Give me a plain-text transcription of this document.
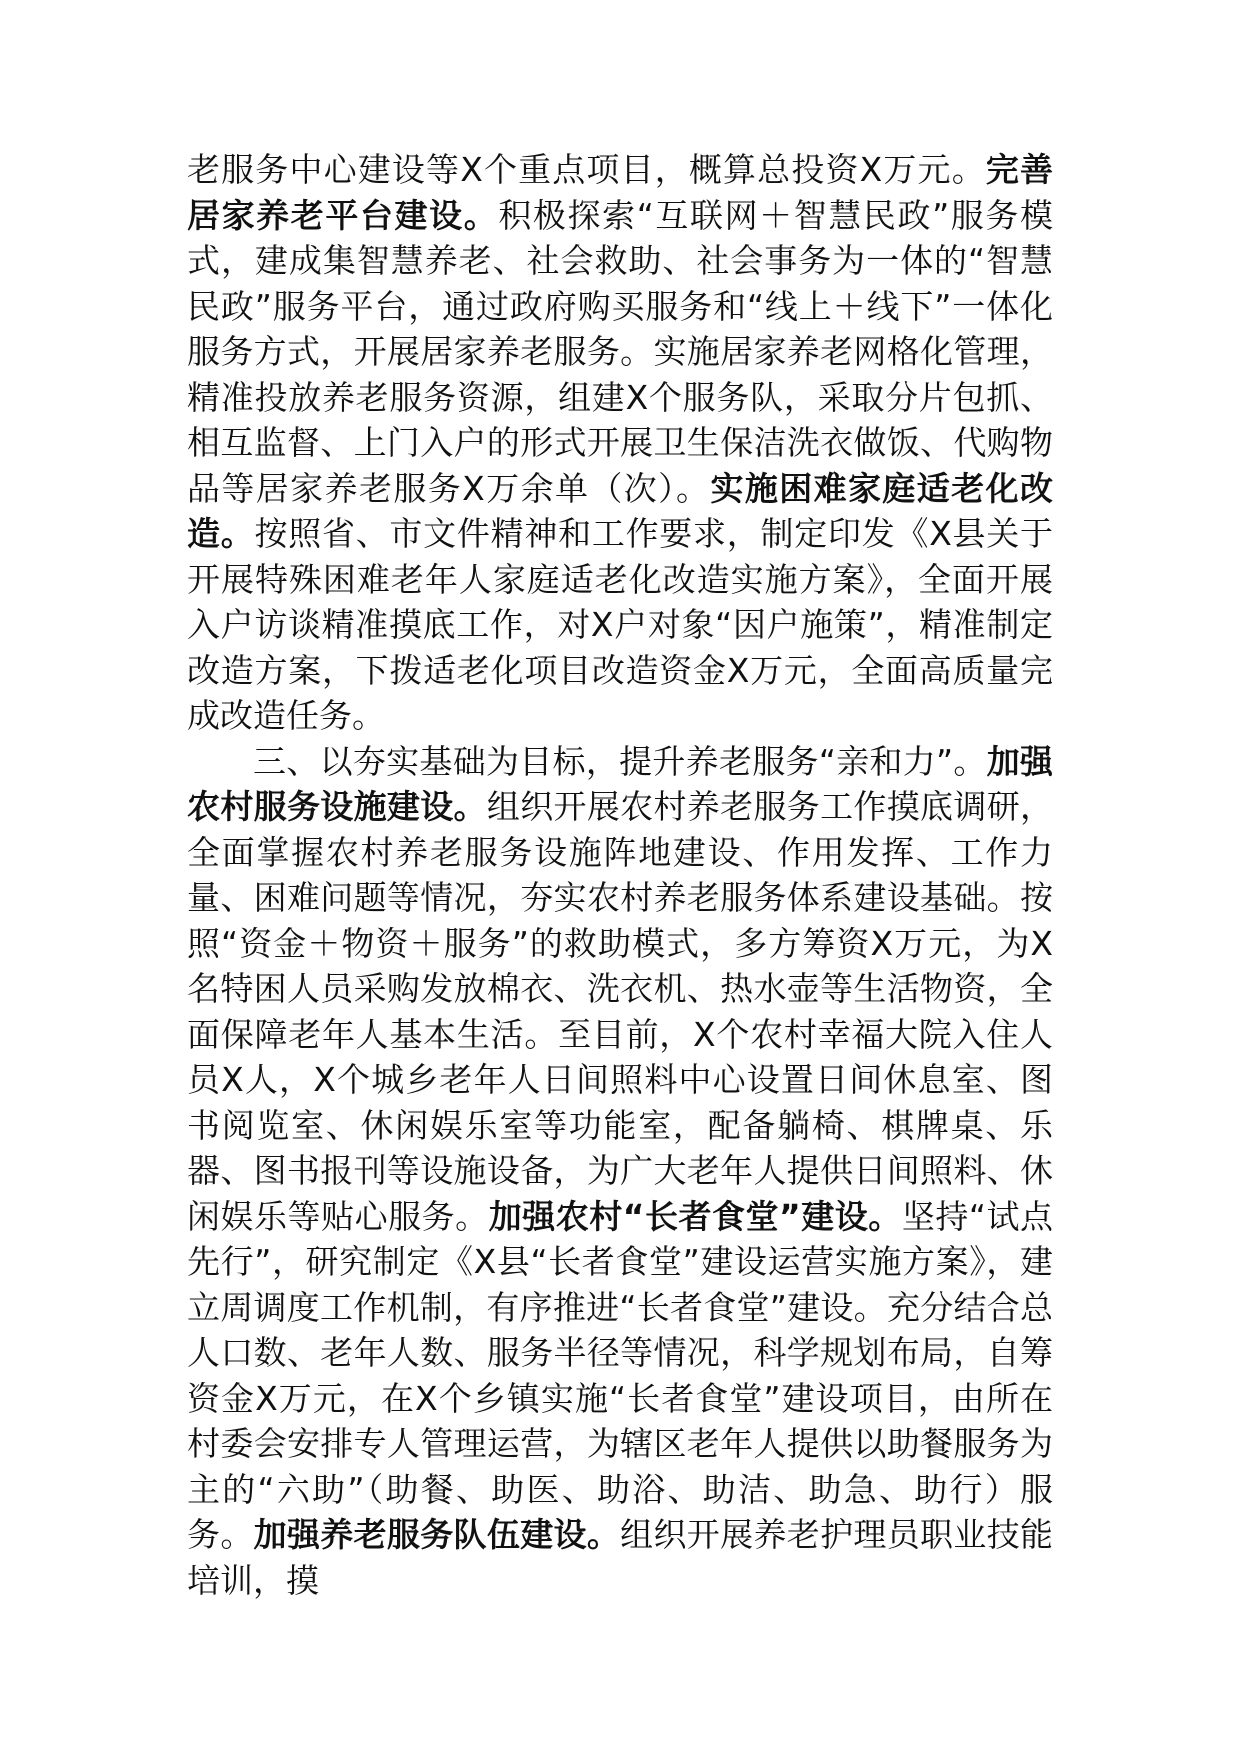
老服务中心建设等X个重点项目，概算总投资X万元。完善居家养老平台建设。积极探索“互联网＋智慧民政”服务模式，建成集智慧养老、社会救助、社会事务为一体的“智慧民政”服务平台，通过政府购买服务和“线上＋线下”一体化服务方式，开展居家养老服务。实施居家养老网格化管理，精准投放养老服务资源，组建X个服务队，采取分片包抓、相互监督、上门入户的形式开展卫生保洁洗衣做饭、代购物品等居家养老服务X万余单（次）。实施困难家庭适老化改造。按照省、市文件精神和工作要求，制定印发《X县关于开展特殊困难老年人家庭适老化改造实施方案》，全面开展入户访谈精准摸底工作，对X户对象“因户施策”，精准制定改造方案，下拨适老化项目改造资金X万元，全面高质量完成改造任务。

三、以夯实基础为目标，提升养老服务“亲和力”。加强农村服务设施建设。组织开展农村养老服务工作摸底调研，全面掌握农村养老服务设施阵地建设、作用发挥、工作力量、困难问题等情况，夯实农村养老服务体系建设基础。按照“资金＋物资＋服务”的救助模式，多方筹资X万元，为X名特困人员采购发放棉衣、洗衣机、热水壶等生活物资，全面保障老年人基本生活。至目前，X个农村幸福大院入住人员X人，X个城乡老年人日间照料中心设置日间休息室、图书阅览室、休闲娱乐室等功能室，配备躺椅、棋牌桌、乐器、图书报刊等设施设备，为广大老年人提供日间照料、休闲娱乐等贴心服务。加强农村“长者食堂”建设。坚持“试点先行”，研究制定《X县“长者食堂”建设运营实施方案》，建立周调度工作机制，有序推进“长者食堂”建设。充分结合总人口数、老年人数、服务半径等情况，科学规划布局，自筹资金X万元，在X个乡镇实施“长者食堂”建设项目，由所在村委会安排专人管理运营，为辖区老年人提供以助餐服务为主的“六助”（助餐、助医、助浴、助洁、助急、助行）服务。加强养老服务队伍建设。组织开展养老护理员职业技能培训，摸
